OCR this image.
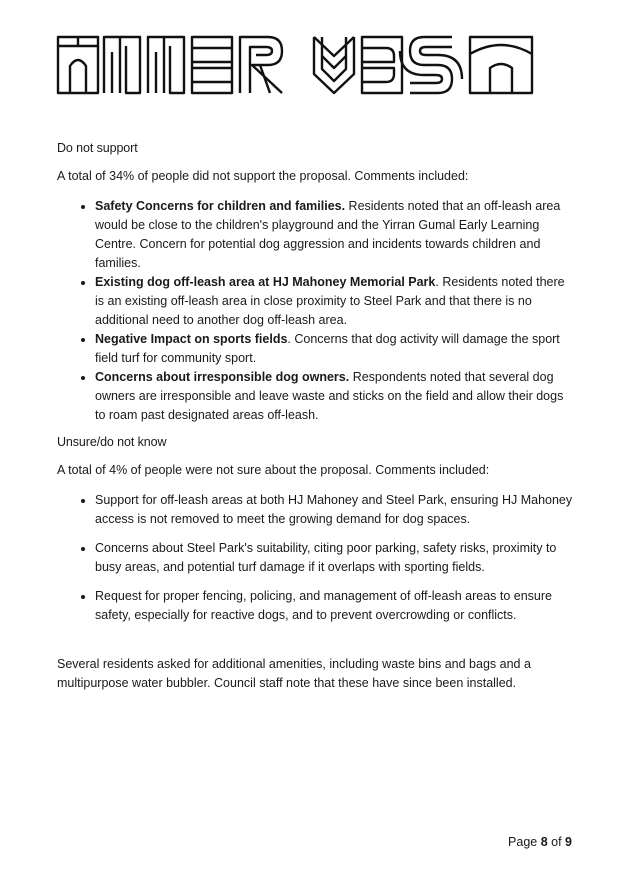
Do not support

A total of 34% of people did not support the proposal. Comments included:

• Safety Concerns for children and families. Residents noted that an off-leash area would be close to the children's playground and the Yirran Gumal Early Learning Centre. Concern for potential dog aggression and incidents towards children and families.
• Existing dog off-leash area at HJ Mahoney Memorial Park. Residents noted there is an existing off-leash area in close proximity to Steel Park and that there is no additional need to another dog off-leash area.
• Negative Impact on sports fields. Concerns that dog activity will damage the sport field turf for community sport.
• Concerns about irresponsible dog owners. Respondents noted that several dog owners are irresponsible and leave waste and sticks on the field and allow their dogs to roam past designated areas off-leash.
Unsure/do not know

A total of 4% of people were not sure about the proposal. Comments included:

• Support for off-leash areas at both HJ Mahoney and Steel Park, ensuring HJ Mahoney access is not removed to meet the growing demand for dog spaces.
• Concerns about Steel Park's suitability, citing poor parking, safety risks, proximity to busy areas, and potential turf damage if it overlaps with sporting fields.
• Request for proper fencing, policing, and management of off-leash areas to ensure safety, especially for reactive dogs, and to prevent overcrowding or conflicts.

Several residents asked for additional amenities, including waste bins and bags and a multipurpose water bubbler. Council staff note that these have since been installed.

Page 8 of 9
